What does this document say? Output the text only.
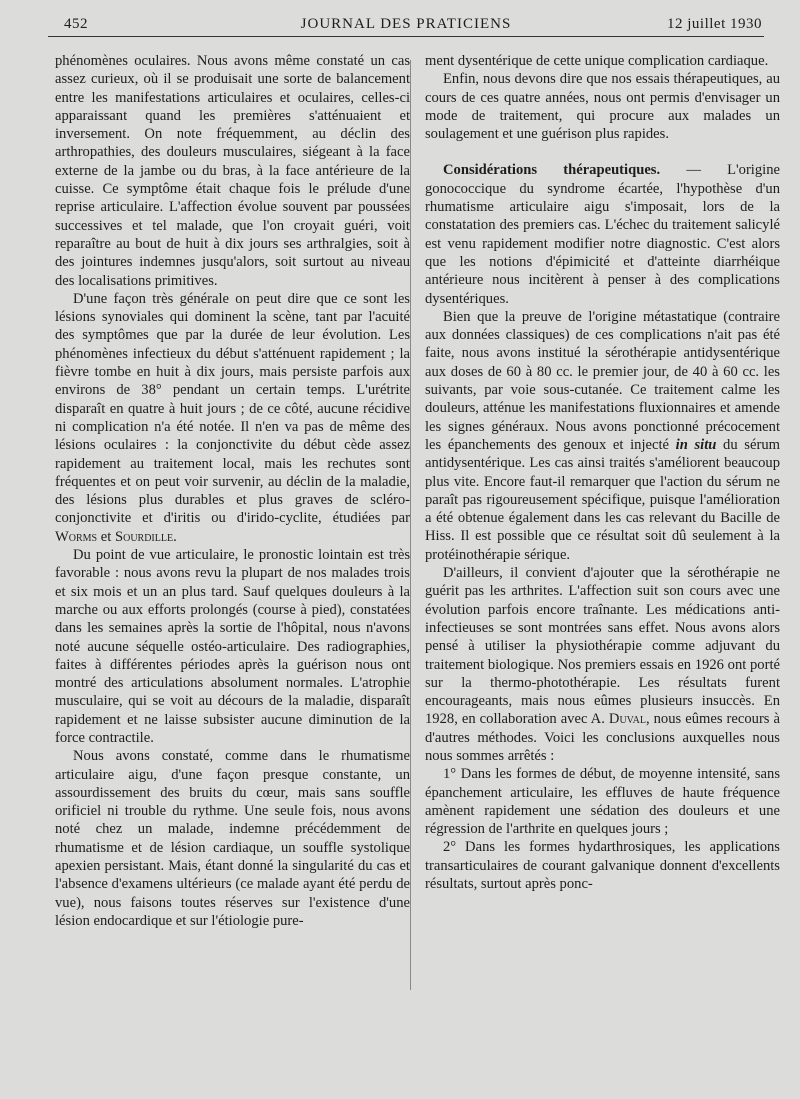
452	JOURNAL DES PRATICIENS	12 juillet 1930

phénomènes oculaires. Nous avons même constaté un cas assez curieux, où il se produisait une sorte de balancement entre les manifestations articulaires et oculaires, celles-ci apparaissant quand les premières s'atténuaient et inversement. On note fréquemment, au déclin des arthropathies, des douleurs musculaires, siégeant à la face externe de la jambe ou du bras, à la face antérieure de la cuisse. Ce symptôme était chaque fois le prélude d'une reprise articulaire. L'affection évolue souvent par poussées successives et tel malade, que l'on croyait guéri, voit reparaître au bout de huit à dix jours ses arthralgies, soit à des jointures indemnes jusqu'alors, soit surtout au niveau des localisations primitives.

D'une façon très générale on peut dire que ce sont les lésions synoviales qui dominent la scène, tant par l'acuité des symptômes que par la durée de leur évolution. Les phénomènes infectieux du début s'atténuent rapidement ; la fièvre tombe en huit à dix jours, mais persiste parfois aux environs de 38° pendant un certain temps. L'urétrite disparaît en quatre à huit jours ; de ce côté, aucune récidive ni complication n'a été notée. Il n'en va pas de même des lésions oculaires : la conjonctivite du début cède assez rapidement au traitement local, mais les rechutes sont fréquentes et on peut voir survenir, au déclin de la maladie, des lésions plus durables et plus graves de scléro-conjonctivite et d'iritis ou d'irido-cyclite, étudiées par Worms et Sourdille.

Du point de vue articulaire, le pronostic lointain est très favorable : nous avons revu la plupart de nos malades trois et six mois et un an plus tard. Sauf quelques douleurs à la marche ou aux efforts prolongés (course à pied), constatées dans les semaines après la sortie de l'hôpital, nous n'avons noté aucune séquelle ostéo-articulaire. Des radiographies, faites à différentes périodes après la guérison nous ont montré des articulations absolument normales. L'atrophie musculaire, qui se voit au décours de la maladie, disparaît rapidement et ne laisse subsister aucune diminution de la force contractile.

Nous avons constaté, comme dans le rhumatisme articulaire aigu, d'une façon presque constante, un assourdissement des bruits du cœur, mais sans souffle orificiel ni trouble du rythme. Une seule fois, nous avons noté chez un malade, indemne précédemment de rhumatisme et de lésion cardiaque, un souffle systolique apexien persistant. Mais, étant donné la singularité du cas et l'absence d'examens ultérieurs (ce malade ayant été perdu de vue), nous faisons toutes réserves sur l'existence d'une lésion endocardique et sur l'étiologie pure-

ment dysentérique de cette unique complication cardiaque.

Enfin, nous devons dire que nos essais thérapeutiques, au cours de ces quatre années, nous ont permis d'envisager un mode de traitement, qui procure aux malades un soulagement et une guérison plus rapides.

Considérations thérapeutiques. — L'origine gonococcique du syndrome écartée, l'hypothèse d'un rhumatisme articulaire aigu s'imposait, lors de la constatation des premiers cas. L'échec du traitement salicylé est venu rapidement modifier notre diagnostic. C'est alors que les notions d'épimicité et d'atteinte diarrhéique antérieure nous incitèrent à penser à des complications dysentériques.

Bien que la preuve de l'origine métastatique (contraire aux données classiques) de ces complications n'ait pas été faite, nous avons institué la sérothérapie antidysentérique aux doses de 60 à 80 cc. le premier jour, de 40 à 60 cc. les suivants, par voie sous-cutanée. Ce traitement calme les douleurs, atténue les manifestations fluxionnaires et amende les signes généraux. Nous avons ponctionné précocement les épanchements des genoux et injecté in situ du sérum antidysentérique. Les cas ainsi traités s'améliorent beaucoup plus vite. Encore faut-il remarquer que l'action du sérum ne paraît pas rigoureusement spécifique, puisque l'amélioration a été obtenue également dans les cas relevant du Bacille de Hiss. Il est possible que ce résultat soit dû seulement à la protéinothérapie sérique.

D'ailleurs, il convient d'ajouter que la sérothérapie ne guérit pas les arthrites. L'affection suit son cours avec une évolution parfois encore traînante. Les médications anti-infectieuses se sont montrées sans effet. Nous avons alors pensé à utiliser la physiothérapie comme adjuvant du traitement biologique. Nos premiers essais en 1926 ont porté sur la thermo-photothérapie. Les résultats furent encourageants, mais nous eûmes plusieurs insuccès. En 1928, en collaboration avec A. Duval, nous eûmes recours à d'autres méthodes. Voici les conclusions auxquelles nous nous sommes arrêtés :

1° Dans les formes de début, de moyenne intensité, sans épanchement articulaire, les effluves de haute fréquence amènent rapidement une sédation des douleurs et une régression de l'arthrite en quelques jours ;

2° Dans les formes hydarthrosiques, les applications transarticulaires de courant galvanique donnent d'excellents résultats, surtout après ponc-
